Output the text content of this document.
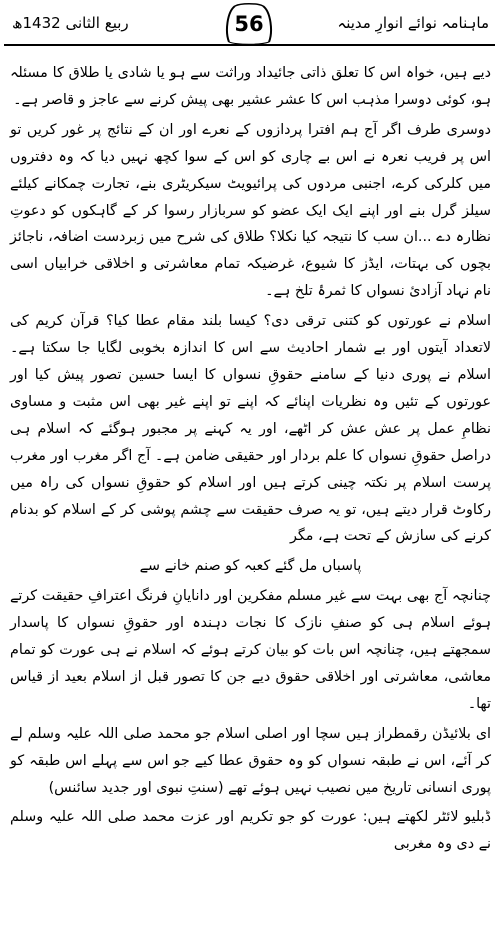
ربیع الثانی 1432ھ	56	ماہنامہ نوائے انوارِ مدینہ

دیے ہیں، خواہ اس کا تعلق ذاتی جائیداد وراثت سے ہو یا شادی یا طلاق کا مسئلہ ہو، کوئی دوسرا مذہب اس کا عشر عشیر بھی پیش کرنے سے عاجز و قاصر ہے۔

دوسری طرف اگر آج ہم افترا پردازوں کے نعرے اور ان کے نتائج پر غور کریں تو اس پر فریب نعرہ نے اس بے چاری کو اس کے سوا کچھ نہیں دیا کہ وہ دفتروں میں کلرکی کرے، اجنبی مردوں کی پرائیویٹ سیکریٹری بنے، تجارت چمکانے کیلئے سیلز گرل بنے اور اپنے ایک ایک عضو کو سربازار رسوا کر کے گاہکوں کو دعوتِ نظارہ دے ...ان سب کا نتیجہ کیا نکلا؟ طلاق کی شرح میں زبردست اضافہ، ناجائز بچوں کی بہتات، ایڈز کا شیوع، غرضیکہ تمام معاشرتی و اخلاقی خرابیاں اسی نام نہاد آزادیٔ نسواں کا ثمرۂ تلخ ہے۔

اسلام نے عورتوں کو کتنی ترقی دی؟ کیسا بلند مقام عطا کیا؟ قرآن کریم کی لاتعداد آیتوں اور بے شمار احادیث سے اس کا اندازہ بخوبی لگایا جا سکتا ہے۔ اسلام نے پوری دنیا کے سامنے حقوقِ نسواں کا ایسا حسین تصور پیش کیا اور عورتوں کے تئیں وہ نظریات اپنائے کہ اپنے تو اپنے غیر بھی اس مثبت و مساوی نظامِ عمل پر عش عش کر اٹھے، اور یہ کہنے پر مجبور ہوگئے کہ اسلام ہی دراصل حقوقِ نسواں کا علم بردار اور حقیقی ضامن ہے۔ آج اگر مغرب اور مغرب پرست اسلام پر نکتہ چینی کرتے ہیں اور اسلام کو حقوقِ نسواں کی راہ میں رکاوٹ قرار دیتے ہیں، تو یہ صرف حقیقت سے چشم پوشی کر کے اسلام کو بدنام کرنے کی سازش کے تحت ہے، مگر

پاسباں مل گئے کعبہ کو صنم خانے سے

چنانچہ آج بھی بہت سے غیر مسلم مفکرین اور دانایانِ فرنگ اعترافِ حقیقت کرتے ہوئے اسلام ہی کو صنفِ نازک کا نجات دہندہ اور حقوقِ نسواں کا پاسدار سمجھتے ہیں، چنانچہ اس بات کو بیان کرتے ہوئے کہ اسلام نے ہی عورت کو تمام معاشی، معاشرتی اور اخلاقی حقوق دیے جن کا تصور قبل از اسلام بعید از قیاس تھا۔

ای بلائیڈن رقمطراز ہیں سچا اور اصلی اسلام جو محمد صلی اللہ علیہ وسلم لے کر آئے، اس نے طبقہ نسواں کو وہ حقوق عطا کیے جو اس سے پہلے اس طبقہ کو پوری انسانی تاریخ میں نصیب نہیں ہوئے تھے (سنتِ نبوی اور جدید سائنس)

ڈبلیو لائٹر لکھتے ہیں: عورت کو جو تکریم اور عزت محمد صلی اللہ علیہ وسلم نے دی وہ مغربی
